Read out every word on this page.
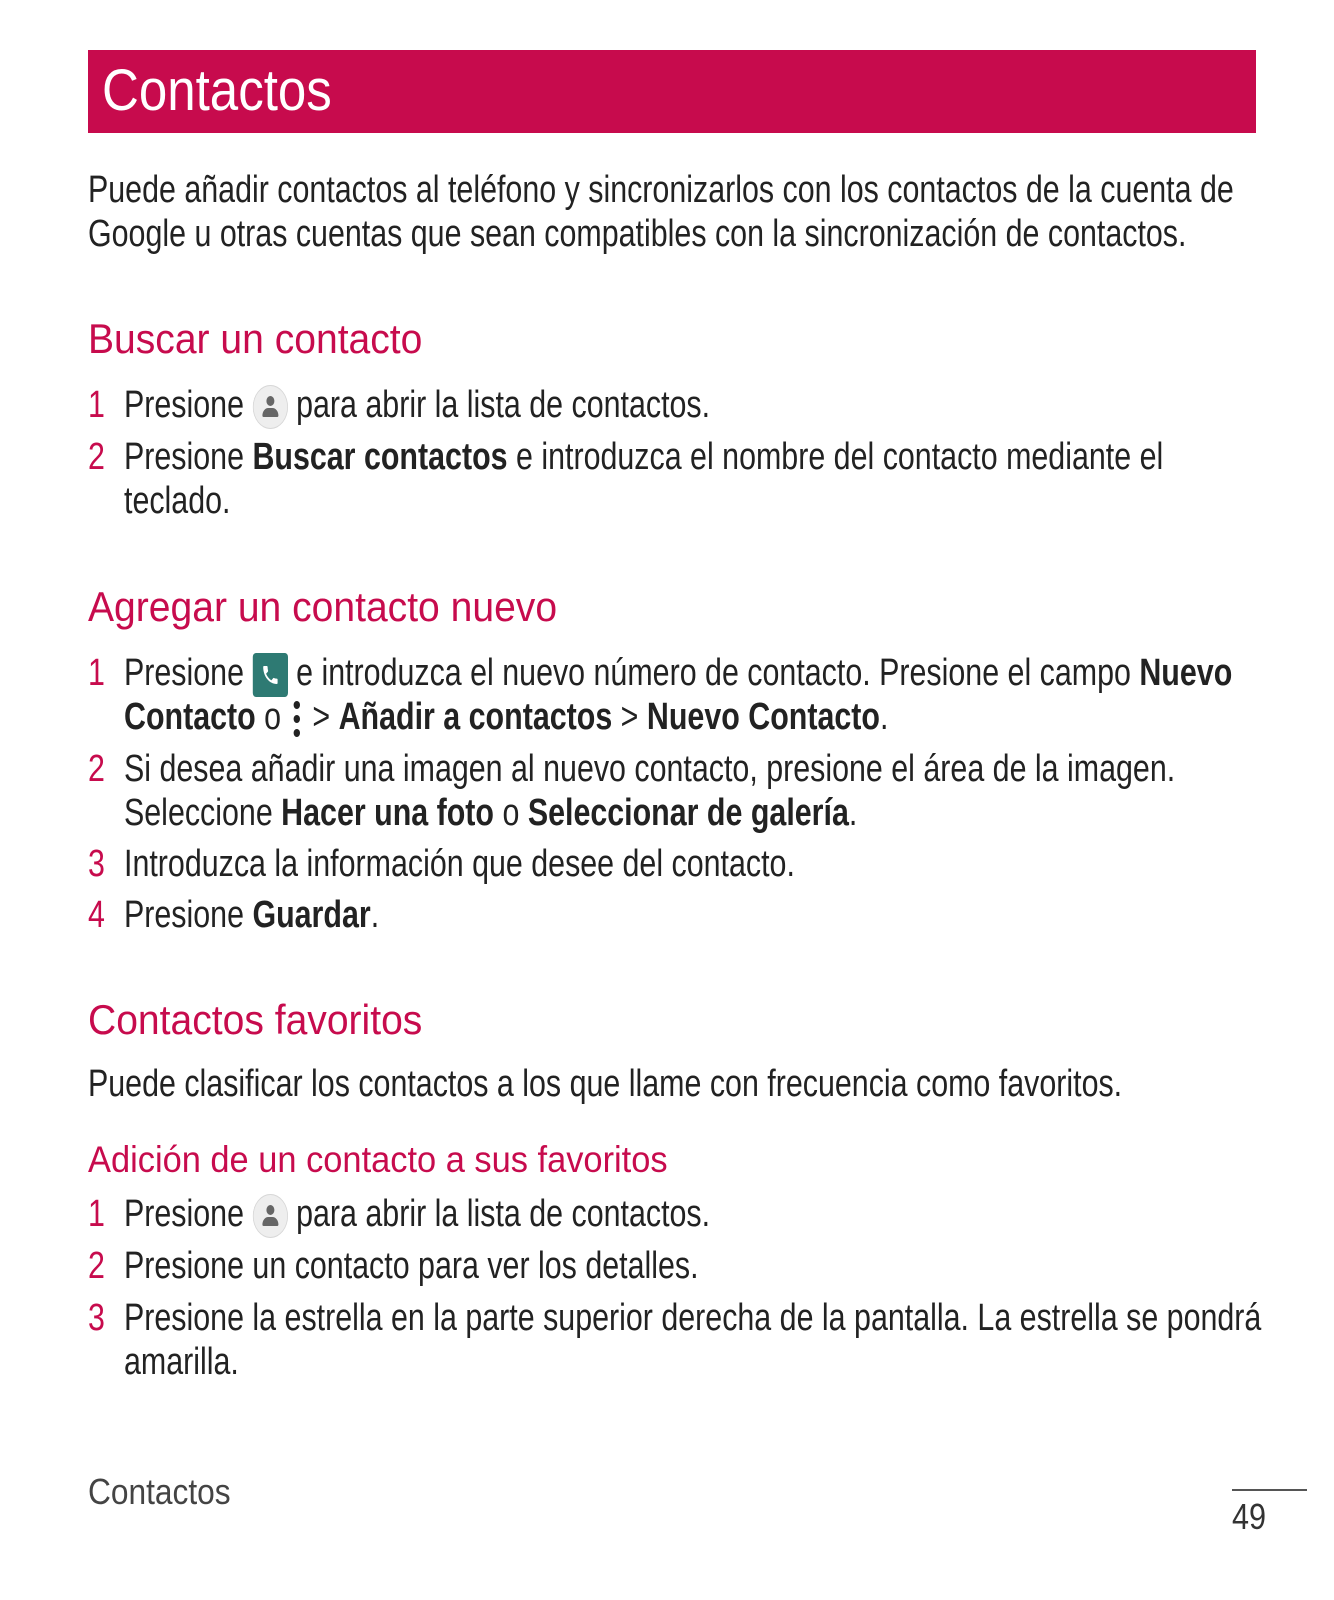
Contactos
Puede añadir contactos al teléfono y sincronizarlos con los contactos de la cuenta de
Google u otras cuentas que sean compatibles con la sincronización de contactos.
Buscar un contacto
1 Presione para abrir la lista de contactos.
2 Presione Buscar contactos e introduzca el nombre del contacto mediante el
teclado.
Agregar un contacto nuevo
1 Presione e introduzca el nuevo número de contacto. Presione el campo Nuevo
Contacto o
> Añadir a contactos > Nuevo Contacto.
2 Si desea añadir una imagen al nuevo contacto, presione el área de la imagen.
Seleccione Hacer una foto o Seleccionar de galería.
3 Introduzca la información que desee del contacto.
4 Presione Guardar.
Contactos favoritos
Puede clasificar los contactos a los que llame con frecuencia como favoritos.
Adición de un contacto a sus favoritos
1 Presione para abrir la lista de contactos.
2 Presione un contacto para ver los detalles.
3 Presione la estrella en la parte superior derecha de la pantalla. La estrella se pondrá
amarilla.
Contactos
49
